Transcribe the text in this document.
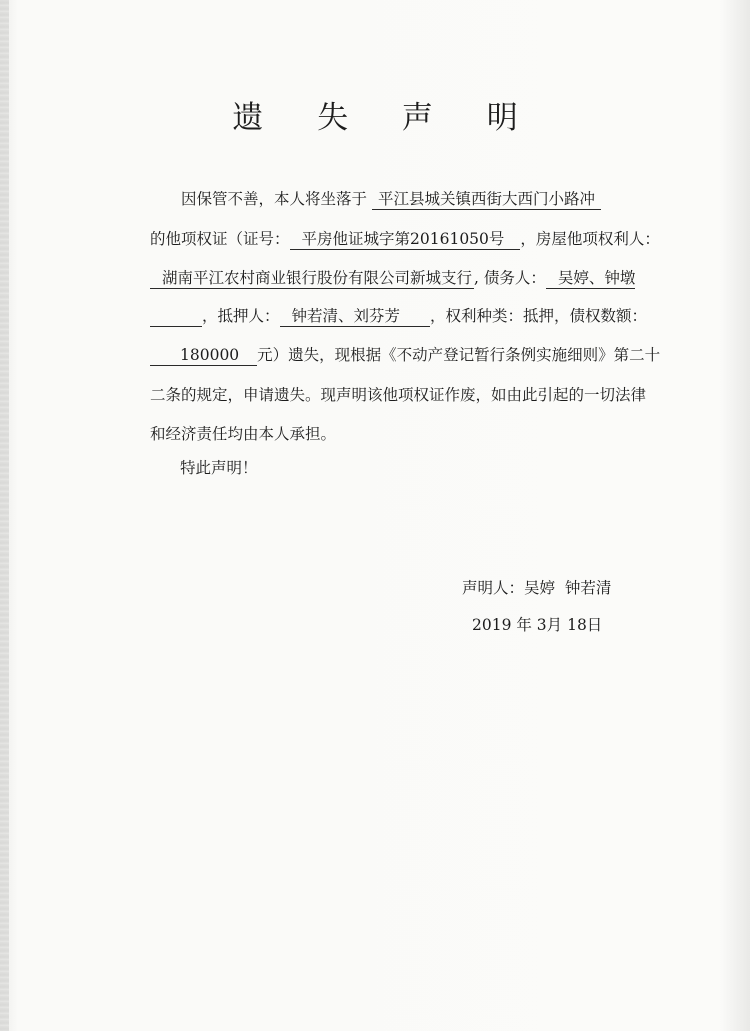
遗 失 声 明
因保管不善，本人将坐落于 平江县城关镇西街大西门小路冲
的他项权证（证号： 平房他证城字第20161050号 ，房屋他项权利人：
湖南平江农村商业银行股份有限公司新城支行 , 债务人： 吴婷、钟墩
，抵押人： 钟若清、刘芬芳 ，权利种类：抵押，债权数额：
180000 元）遗失，现根据《不动产登记暂行条例实施细则》第二十
二条的规定，申请遗失。现声明该他项权证作废，如由此引起的一切法律
和经济责任均由本人承担。
特此声明！
声明人：吴婷  钟若清
2019 年 3月 18日
